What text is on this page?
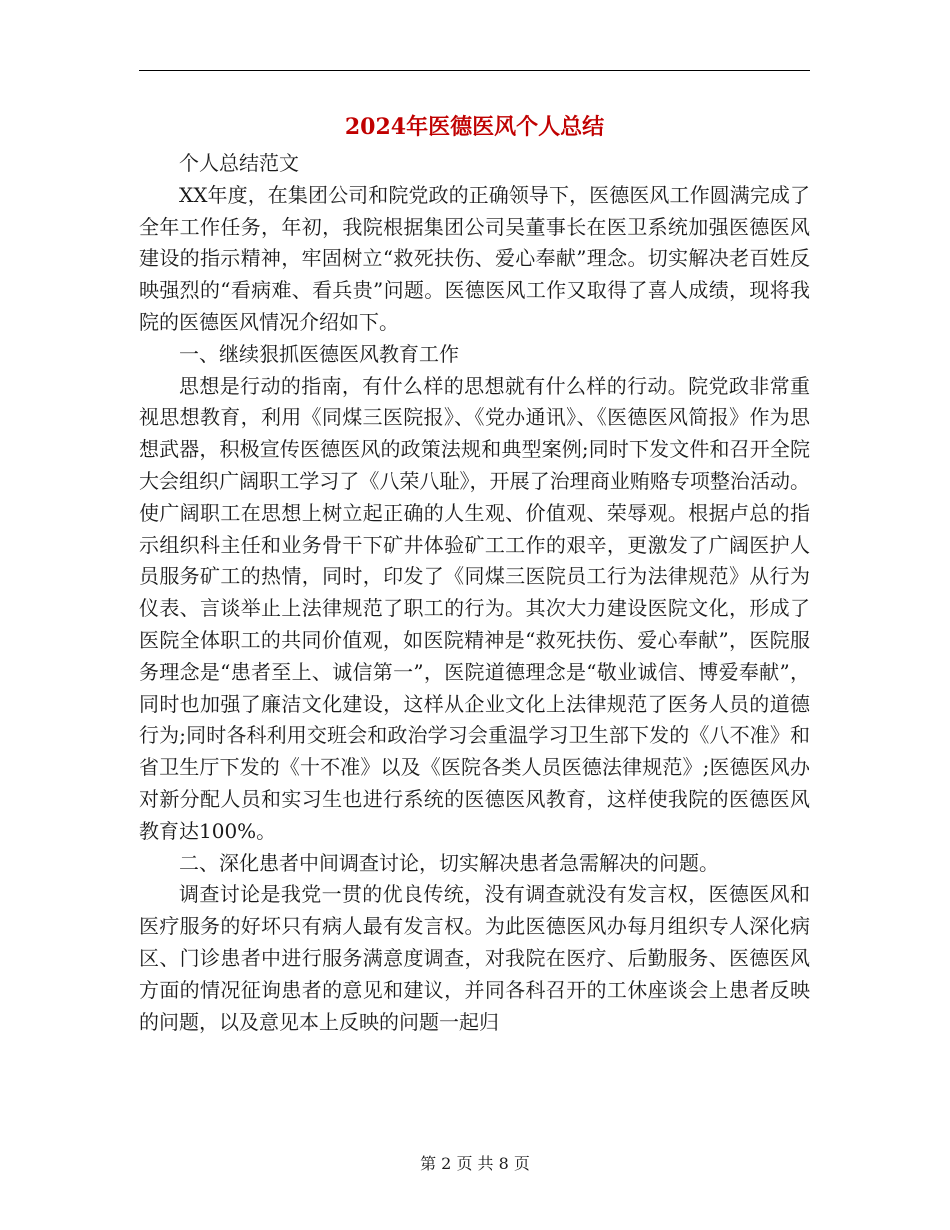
2024年医德医风个人总结

个人总结范文

XX年度，在集团公司和院党政的正确领导下，医德医风工作圆满完成了全年工作任务，年初，我院根据集团公司吴董事长在医卫系统加强医德医风建设的指示精神，牢固树立“救死扶伤、爱心奉献”理念。切实解决老百姓反映强烈的“看病难、看兵贵”问题。医德医风工作又取得了喜人成绩，现将我院的医德医风情况介绍如下。

一、继续狠抓医德医风教育工作

思想是行动的指南，有什么样的思想就有什么样的行动。院党政非常重视思想教育，利用《同煤三医院报》、《党办通讯》、《医德医风简报》作为思想武器，积极宣传医德医风的政策法规和典型案例;同时下发文件和召开全院大会组织广阔职工学习了《八荣八耻》，开展了治理商业贿赂专项整治活动。使广阔职工在思想上树立起正确的人生观、价值观、荣辱观。根据卢总的指示组织科主任和业务骨干下矿井体验矿工工作的艰辛，更激发了广阔医护人员服务矿工的热情，同时，印发了《同煤三医院员工行为法律规范》从行为仪表、言谈举止上法律规范了职工的行为。其次大力建设医院文化，形成了医院全体职工的共同价值观，如医院精神是“救死扶伤、爱心奉献”，医院服务理念是“患者至上、诚信第一”，医院道德理念是“敬业诚信、博爱奉献”，同时也加强了廉洁文化建设，这样从企业文化上法律规范了医务人员的道德行为;同时各科利用交班会和政治学习会重温学习卫生部下发的《八不准》和省卫生厅下发的《十不准》以及《医院各类人员医德法律规范》;医德医风办对新分配人员和实习生也进行系统的医德医风教育，这样使我院的医德医风教育达100%。

二、深化患者中间调查讨论，切实解决患者急需解决的问题。

调查讨论是我党一贯的优良传统，没有调查就没有发言权，医德医风和医疗服务的好坏只有病人最有发言权。为此医德医风办每月组织专人深化病区、门诊患者中进行服务满意度调查，对我院在医疗、后勤服务、医德医风方面的情况征询患者的意见和建议，并同各科召开的工休座谈会上患者反映的问题，以及意见本上反映的问题一起归

第 2 页 共 8 页
